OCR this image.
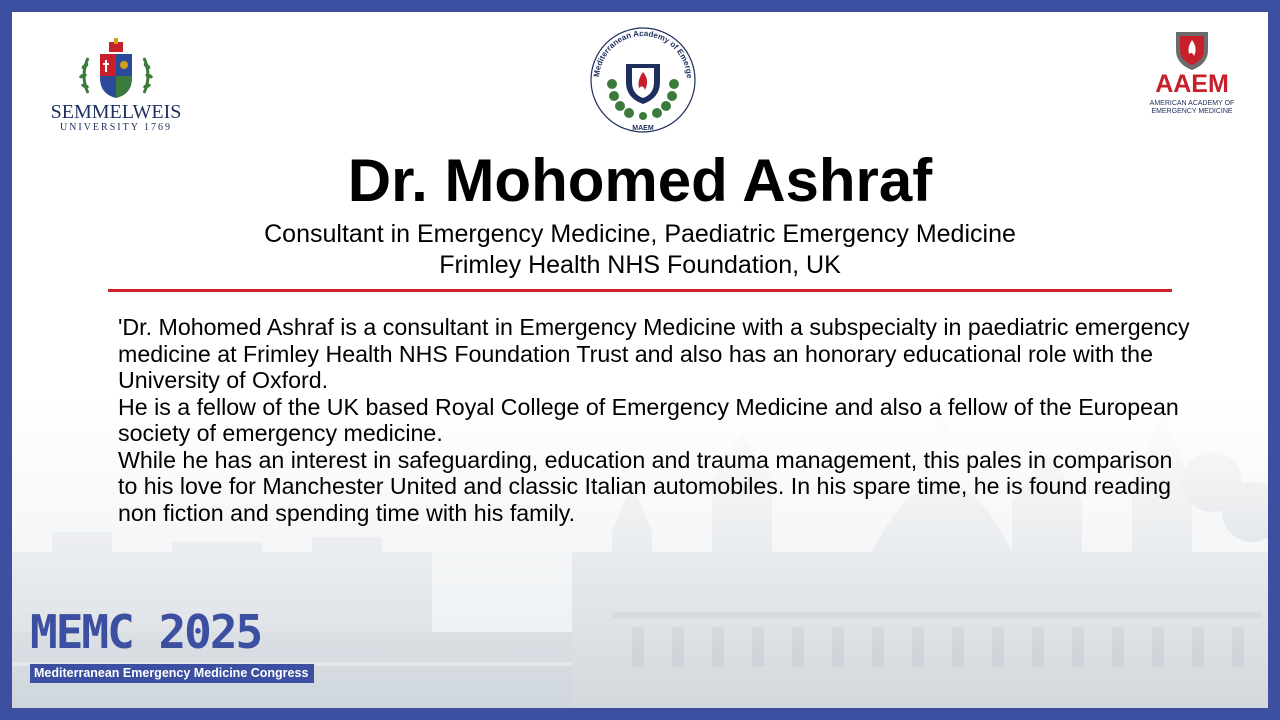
SEMMELWEIS
UNIVERSITY 1769
Mediterranean Academy of Emerge
MAEM
AAEM
AMERICAN ACADEMY OF
EMERGENCY MEDICINE
Dr. Mohomed Ashraf
Consultant in Emergency Medicine, Paediatric Emergency Medicine
Frimley Health NHS Foundation, UK

'Dr. Mohomed Ashraf is a consultant in Emergency Medicine with a subspecialty in paediatric emergency medicine at Frimley Health NHS Foundation Trust and also has an honorary educational role with the University of Oxford.

He is a fellow of the UK based Royal College of Emergency Medicine and also a fellow of the European society of emergency medicine.

While he has an interest in safeguarding, education and trauma management, this pales in comparison to his love for Manchester United and classic Italian automobiles. In his spare time, he is found reading non fiction and spending time with his family.

MEMC 2025
Mediterranean Emergency Medicine Congress
